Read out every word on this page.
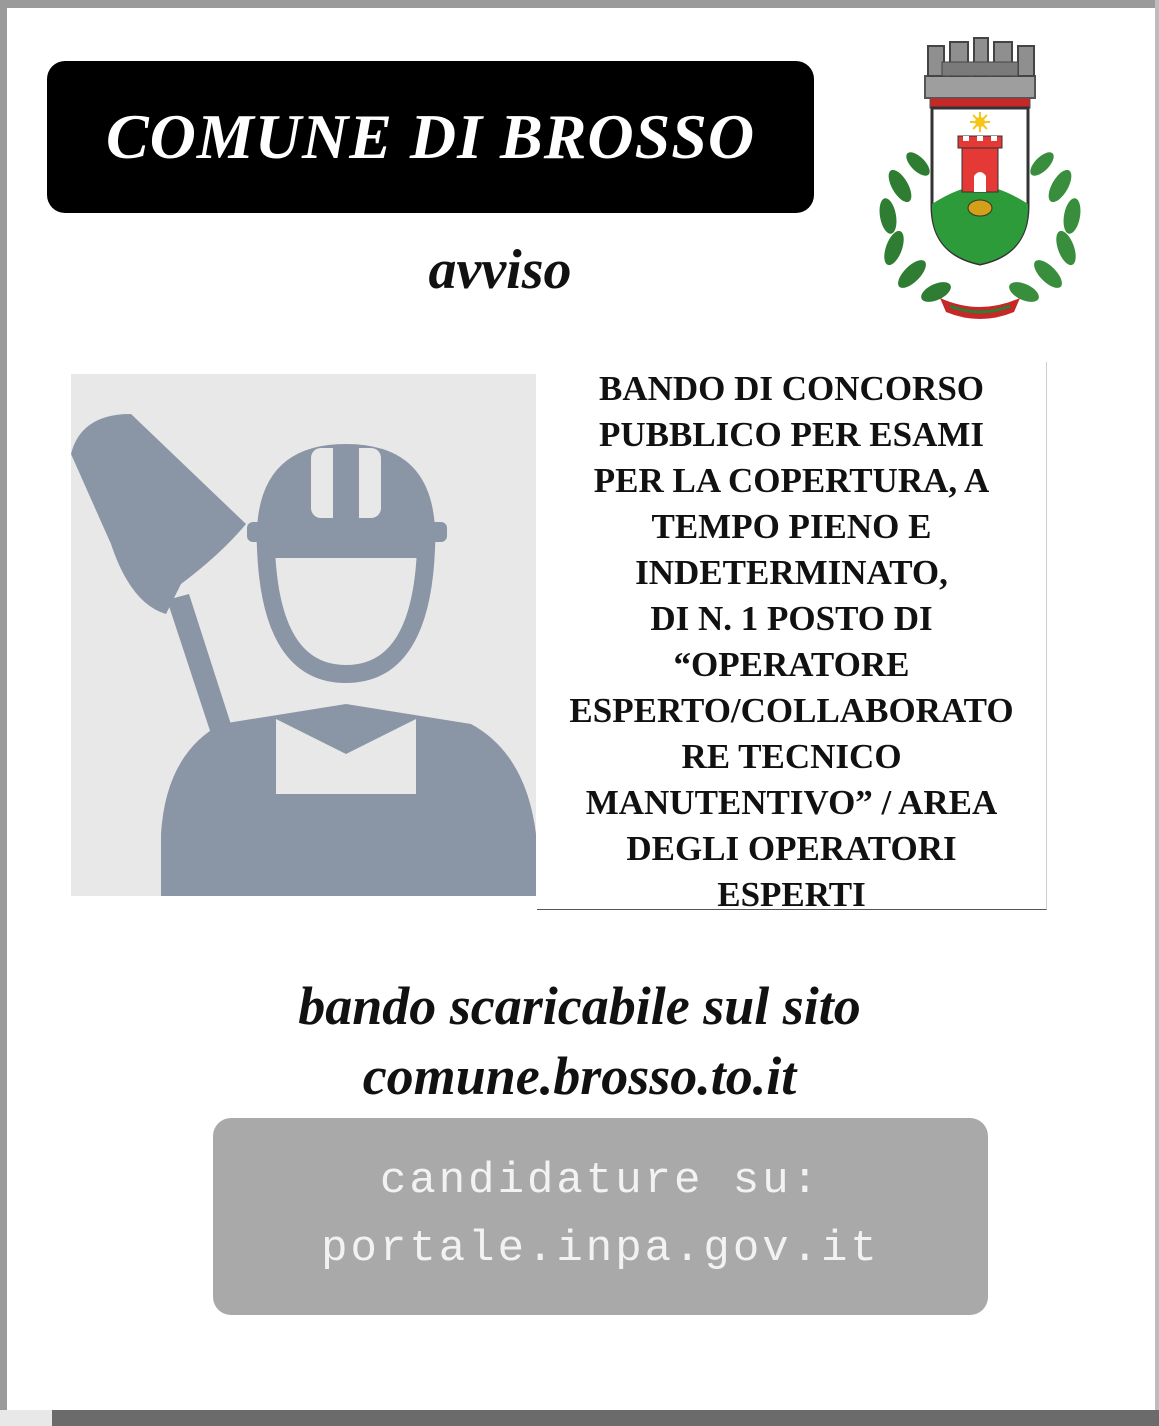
COMUNE DI BROSSO
avviso
BANDO DI CONCORSO
PUBBLICO PER ESAMI
PER LA COPERTURA, A
TEMPO PIENO E
INDETERMINATO,
DI N. 1 POSTO DI
“OPERATORE
ESPERTO/COLLABORATO
RE TECNICO
MANUTENTIVO” / AREA
DEGLI OPERATORI
ESPERTI
bando scaricabile sul sito
comune.brosso.to.it
candidature su:
portale.inpa.gov.it
